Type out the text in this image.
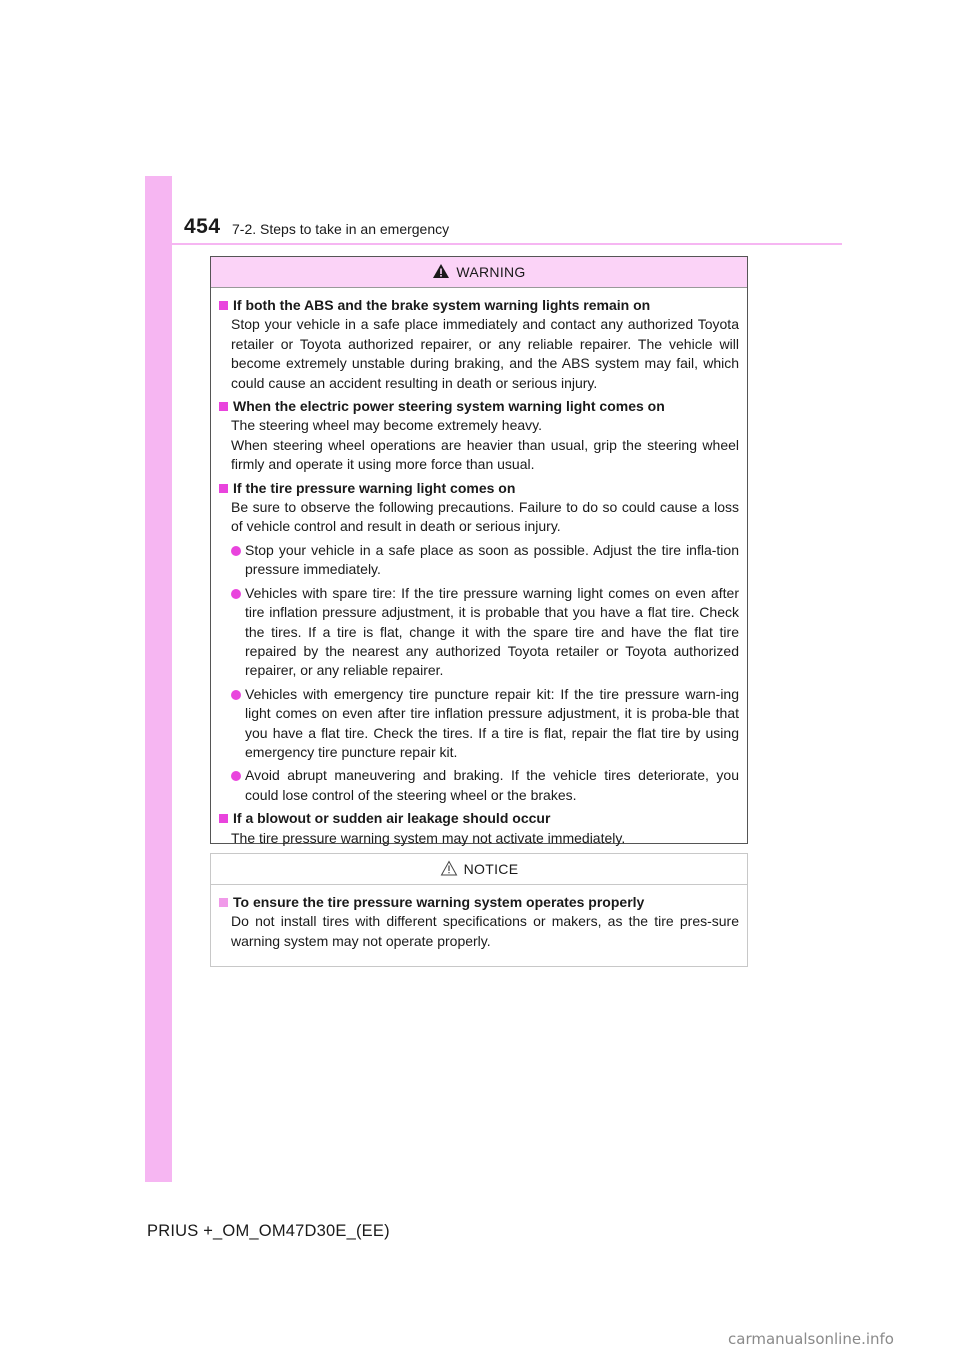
454 7-2. Steps to take in an emergency
WARNING
If both the ABS and the brake system warning lights remain on
Stop your vehicle in a safe place immediately and contact any authorized Toyota retailer or Toyota authorized repairer, or any reliable repairer. The vehicle will become extremely unstable during braking, and the ABS system may fail, which could cause an accident resulting in death or serious injury.
When the electric power steering system warning light comes on
The steering wheel may become extremely heavy.
When steering wheel operations are heavier than usual, grip the steering wheel firmly and operate it using more force than usual.
If the tire pressure warning light comes on
Be sure to observe the following precautions. Failure to do so could cause a loss of vehicle control and result in death or serious injury.
Stop your vehicle in a safe place as soon as possible. Adjust the tire infla-tion pressure immediately.
Vehicles with spare tire: If the tire pressure warning light comes on even after tire inflation pressure adjustment, it is probable that you have a flat tire. Check the tires. If a tire is flat, change it with the spare tire and have the flat tire repaired by the nearest any authorized Toyota retailer or Toyota authorized repairer, or any reliable repairer.
Vehicles with emergency tire puncture repair kit: If the tire pressure warn-ing light comes on even after tire inflation pressure adjustment, it is proba-ble that you have a flat tire. Check the tires. If a tire is flat, repair the flat tire by using emergency tire puncture repair kit.
Avoid abrupt maneuvering and braking. If the vehicle tires deteriorate, you could lose control of the steering wheel or the brakes.
If a blowout or sudden air leakage should occur
The tire pressure warning system may not activate immediately.
NOTICE
To ensure the tire pressure warning system operates properly
Do not install tires with different specifications or makers, as the tire pres-sure warning system may not operate properly.
PRIUS +_OM_OM47D30E_(EE)
carmanualsonline.info
